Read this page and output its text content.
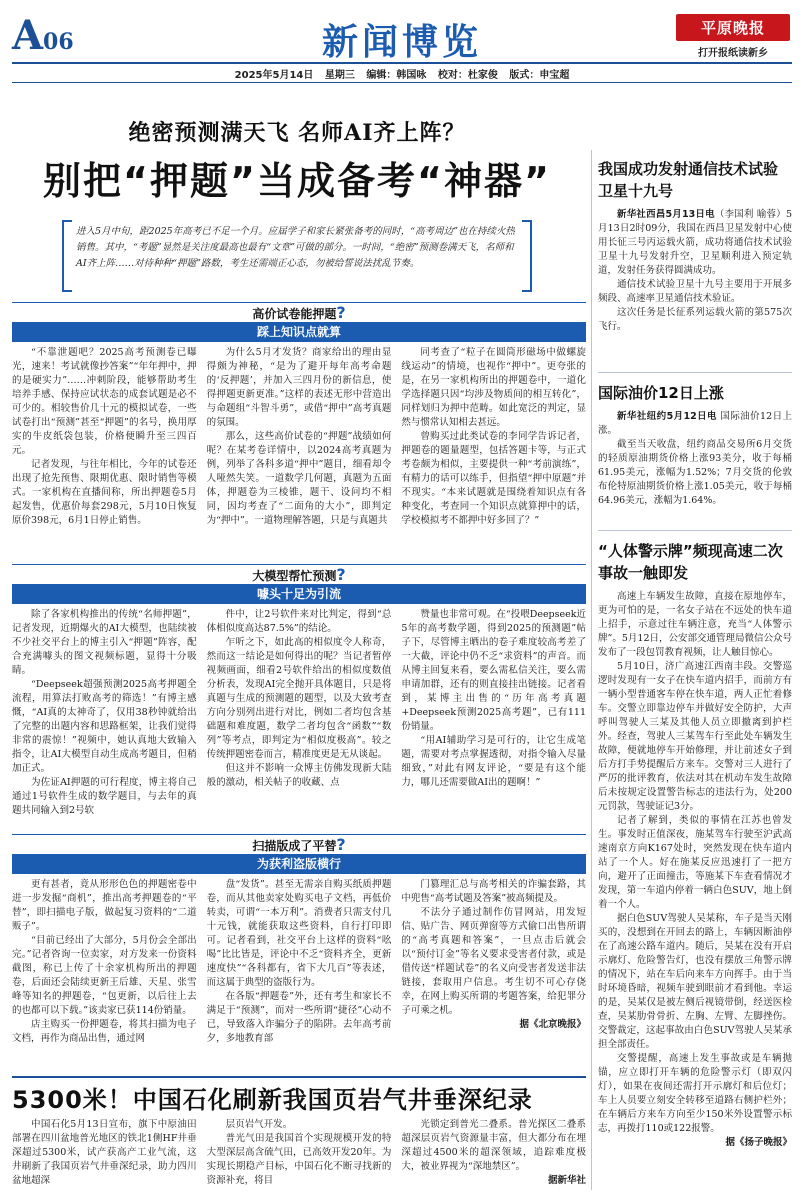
A06	新闻博览	平原晚报
打开报纸读新乡
2025年5月14日 星期三 编辑：韩国咏 校对：杜家俊 版式：申宝超
绝密预测满天飞 名师AI齐上阵？
别把“押题”当成备考“神器”
进入5月中旬，距2025年高考已不足一个月。应届学子和家长紧张备考的同时，“高考周边”也在持续火热销售。其中，“考题”显然是关注度最高也最有“文章”可做的部分。一时间，“绝密”预测卷满天飞，名师和AI齐上阵……对待种种“押题”路数，考生还需端正心态，勿被给誓说法扰乱节奏。
高价试卷能押题?
踩上知识点就算

“不靠泄题吧？2025高考预测卷已曝光，速来！考试就像抄答案”“年年押中，押的是硬实力”……冲刺阶段，能够帮助考生培养手感、保持应试状态的成套试题是必不可少的。相较售价几十元的模拟试卷，一些试卷打出“预测”甚至“押题”的名号，换用厚实的牛皮纸袋包装，价格便瞬升至三四百元。

记者发现，与往年相比，今年的试卷还出现了抢先预售、限期优惠、限时销售等模式。一家机构在直播间称，所出押题卷5月起发售，优惠价每套298元，5月10日恢复原价398元，6月1日停止销售。

为什么5月才发货？商家给出的理由显得颇为神秘，“是为了避开每年高考命题的‘反押题’，并加入三四月份的新信息，使得押题更新更准。”这样的表述无形中营造出与命题组“斗智斗勇”，或借“押中”高考真题的氛围。

那么，这些高价试卷的“押题”战绩如何呢？在某考卷详情中，以2024高考真题为例，列举了各科多道“押中”题目，细看却令人哑然失笑。一道数学几何题，真题为五面体，押题卷为三棱锥，题干、设问均不相同，因均考查了“二面角的大小”，即判定为“押中”。一道物理解答题，只是与真题共

同考查了“粒子在圆筒形磁场中做螺旋线运动”的情境，也视作“押中”。更夸张的是，在另一家机构所出的押题卷中，一道化学选择题只因“均涉及物质间的相互转化”，同样划归为押中范畴。如此宽泛的判定，显然与惯常认知相去甚远。

曾购买过此类试卷的李同学告诉记者，押题卷的题量题型，包括答题卡等，与正式考卷颇为相似，主要提供一种“考前演练”，有精力的话可以练手，但指望“押中原题”并不现实。“本来试题就是围绕着知识点有各种变化，考查同一个知识点就算押中的话，学校模拟考不都押中好多回了？”

大模型帮忙预测?
噱头十足为引流

除了各家机构推出的传统“名师押题”，记者发现，近期爆火的AI大模型，也陆续被不少社交平台上的博主引入“押题”阵容，配合充满噱头的图文视频标题，显得十分吸睛。

“Deepseek超强预测2025高考押题全流程，用算法打败高考的筛选！”有博主感慨，“AI真的太神奇了，仅用38秒钟就给出了完整的出题内容和思路框架，让我们觉得非常的震惊！”视频中，她认真地大致输入指令，让AI大模型自动生成高考题目，但稍加正式。

为佐证AI押题的可行程度，博主将自己通过1号软件生成的数学题目，与去年的真题共同输入到2号软

件中，让2号软件来对比判定，得到“总体相似度高达87.5%”的结论。

乍听之下，如此高的相似度令人称奇，然而这一结论是如何得出的呢？当记者暂停视频画面，细看2号软件给出的相似度数值分析表，发现AI完全抛开具体题目，只是将真题与生成的预测题的题型，以及大致考查方向分别列出进行对比，例如二者均包含基础题和难度题，数学二者均包含“函数”“数列”等考点，即判定为“相似度极高”。较之传统押题密卷而言，精准度更是无从谈起。

但这并不影响一众博主仿佛发现新大陆般的激动，相关帖子的收藏、点

赞量也非常可观。在“投喂Deepseek近5年的高考数学题，得到2025的预测题”帖子下，尽管博主晒出的卷子难度较高考差了一大截，评论中仍不乏“求资料”的声音。而从博主回复来看，要么需私信关注，要么需申请加群，还有的则直接挂出链接。记者看到，某博主出售的“历年高考真题+Deepseek预测2025高考题”，已有111份销量。

“用AI辅助学习是可行的，让它生成笔题，需要对考点掌握透彻，对指令输入尽量细致，”对此有网友评论，“要是有这个能力，哪儿还需要做AI出的题啊！”

扫描版成了平替?
为获利盗版横行

更有甚者，竟从形形色色的押题密卷中进一步发掘“商机”，推出高考押题卷的“平替”，即扫描电子版，做起复习资料的“二道贩子”。

“目前已经出了大部分，5月份会全部出完。”记者咨询一位卖家，对方发来一份资料截图，称已上传了十余家机构所出的押题卷，后面还会陆续更新王后雄、天星、张雪峰等知名的押题卷，“包更新，以后往上去的也都可以下载。”该卖家已获114份销量。

店主购买一份押题卷，将其扫描为电子文档，再作为商品出售，通过网

盘“发货”。甚至无需亲自购买纸质押题卷，而从其他卖家处购买电子文档，再低价转卖，可谓“一本万利”。消费者只需支付几十元钱，就能获取这些资料，自行打印即可。记者看到，社交平台上这样的资料“吆喝”比比皆是，评论中不乏“资料齐全，更新速度快”“各科都有，省下大几百”等表述，而这属于典型的盗版行为。

在各版“押题卷”外，还有考生和家长不满足于“预测”，而对一些所谓“捷径”心动不已，导致落入诈骗分子的陷阱。去年高考前夕，多地教育部

门篡理汇总与高考相关的诈骗套路，其中兜售“高考试题及答案”被高频提及。

不法分子通过制作仿冒网站，用发短信、贴广告、网页弹窗等方式偷口出售所谓的“高考真题和答案”，一旦点击后就会以“预付订金”等名义要求受害者付款，或是借传送“样题试卷”的名义向受害者发送非法链接，套取用户信息。考生切不可心存侥幸，在网上购买所谓的考题答案，给犯罪分子可乘之机。

据《北京晚报》
我国成功发射通信技术试验卫星十九号

新华社西昌5月13日电（李国利 喻蓉）5月13日2时09分，我国在西昌卫星发射中心使用长征三号丙运载火箭，成功将通信技术试验卫星十九号发射升空，卫星顺利进入预定轨道，发射任务获得圆满成功。

通信技术试验卫星十九号主要用于开展多频段、高速率卫星通信技术验证。

这次任务是长征系列运载火箭的第575次飞行。

国际油价12日上涨

新华社纽约5月12日电 国际油价12日上涨。

截至当天收盘，纽约商品交易所6月交货的轻质原油期货价格上涨93美分，收于每桶61.95美元，涨幅为1.52%；7月交货的伦敦布伦特原油期货价格上涨1.05美元，收于每桶64.96美元，涨幅为1.64%。

“人体警示牌”频现高速二次事故一触即发

高速上车辆发生故障，直接在原地停车，更为可怕的是，一名女子站在不远处的快车道上招手，示意过往车辆注意，充当“人体警示牌”。5月12日，公安部交通管理局微信公众号发布了一段包罚教育视频，让人触目惊心。

5月10日，济广高速江西南丰段。交警巡逻时发现有一女子在快车道内招手，而前方有一辆小型普通客车停在快车道，两人正忙着修车。交警立即靠边停车并做好安全防护，大声呼叫驾驶人三某及其他人员立即撤离到护栏外。经查，驾驶人三某驾车行至此处车辆发生故障，便就地停车开始修理，并让前述女子到后方打手势提醒后方来车。交警对三人进行了严厉的批评教育，依法对其在机动车发生故障后未按规定设置警告标志的违法行为，处200元罚款，驾驶证记3分。

记者了解到，类似的事情在江苏也曾发生。事发时正值深夜，施某驾车行驶至沪武高速南京方向K167处时，突然发现在快车道内站了一个人。好在施某反应迅速打了一把方向，避开了正面撞击，等施某下车查看情况才发现，第一车道内停着一辆白色SUV，地上倒着一个人。

据白色SUV驾驶人吴某称，车子是当天刚买的，没想到在开回去的路上，车辆因断油停在了高速公路车道内。随后，吴某在没有开启示廓灯、危险警告灯，也没有摆放三角警示牌的情况下，站在车后向来车方向挥手。由于当时环境昏暗，视频车驶到眼前才看到他。幸运的是，吴某仅是被左侧后视镜带倒，经送医检查，吴某肋骨骨折、左胸、左臂、左脚挫伤。交警裁定，这起事故由白色SUV驾驶人吴某承担全部责任。

交警提醒，高速上发生事故或是车辆抛锚，应立即打开车辆的危险警示灯（即双闪灯），如果在夜间还需打开示廓灯和后位灯；车上人员要立刻安全转移至道路右侧护栏外；在车辆后方来车方向至少150米外设置警示标志，再拨打110或122报警。

据《扬子晚报》
5300米！中国石化刷新我国页岩气井垂深纪录

中国石化5月13日宣布，旗下中原油田部署在四川盆地普光地区的铁北1侧HF井垂深超过5300米，试产获高产工业气流，这井刷新了我国页岩气井垂深纪录，助力四川盆地超深

层页岩气开发。

普光气田是我国首个实现规模开发的特大型深层高含硫气田，已高效开发20年。为实现长期稳产目标，中国石化不断寻找新的资源补充，将目

光锁定到普光二叠系。普光探区二叠系超深层页岩气资源量丰富，但大都分布在埋深超过4500米的超深领域，追踪难度极大，被业界视为“深地禁区”。

据新华社
